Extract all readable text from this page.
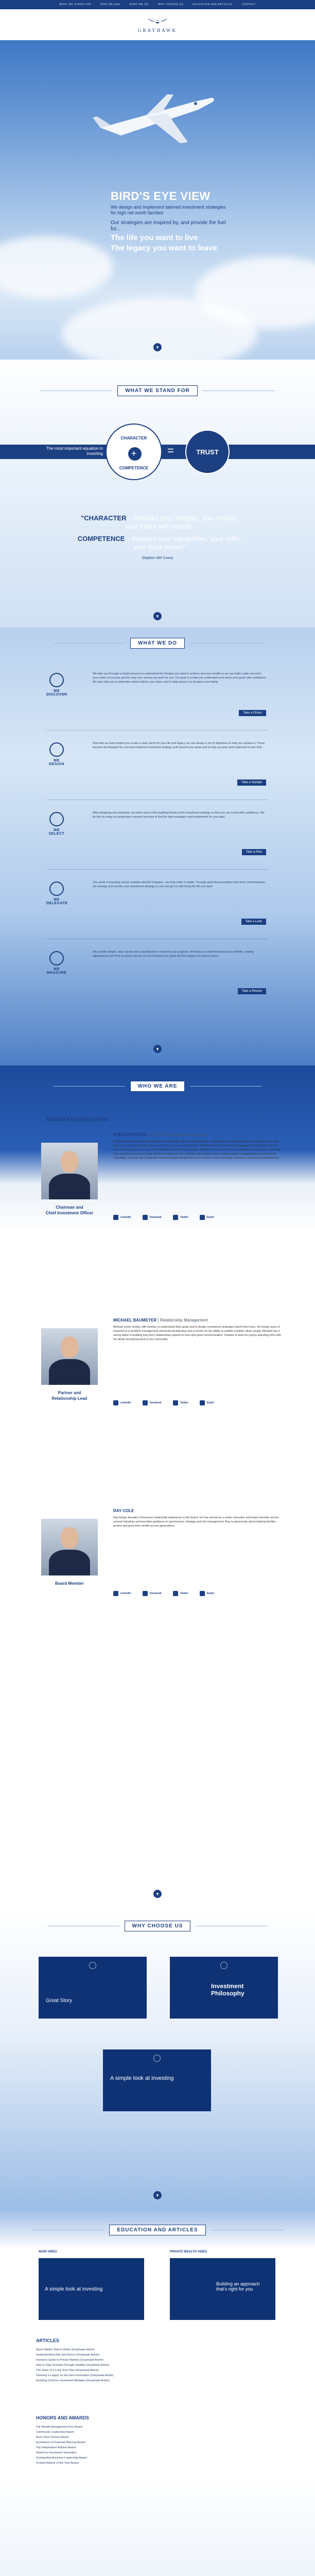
WHAT WE STAND FOR	WHO WE ARE	WHAT WE DO	WHY CHOOSE US	EDUCATION AND ARTICLES	CONTACT
GRAYHAWK
BIRD'S EYE VIEW
We design and implement tailored investment strategies for high net worth families
Our strategies are inspired by, and provide the fuel for...
The life you want to live
The legacy you want to leave
▼
WHAT WE STAND FOR
The most important equation in investing
CHARACTER
+
COMPETENCE
=	TRUST
"CHARACTER – includes your integrity, your motive, your intent with people.
COMPETENCE – includes your capabilities, your skills, your track record"
Stephen MR Covey
▼
WHAT WE DO
WE DISCOVER
We take you through a simple process to understand the lifestyle you want to achieve and your wealth so we can build a plan around it, your vision of success and the way your money can work for you. Our goal is to help you understand and reach your goals with confidence. We start with you to determine what it will be your vision and to help ensure it is all about your family.
Take a Closer
WE DESIGN
Now that we have helped you create a clear vision for your life and legacy, we can design a set of objectives to help you achieve it. These become the blueprint for your personalized investment strategy, built around your goals and to help you plan and implement it over time.
Take a Sample
WE SELECT
After designing your blueprint, we select each of the building blocks of the investment strategy so that you can invest with confidence. We do this by using our proprietary research process to find the best managers and investments for your plan.
Take a Plan
WE DELEGATE
The world of investing can be complex and full of jargon – we help make it simple. Through good documentation and clear communication, we manage and monitor your investment strategy so you can get on with living the life you want.
Take a Look
WE MEASURE
We provide simple, clear reports and a dashboard to measure your progress. We keep you informed about your portfolio, making adjustments over time to ensure we are on track toward your goals and the legacy you want to leave.
Take a Review
▼
WHO WE ARE
BOARD AND EXECUTIVE
Chairman and
Chief Investment Officer
SHELDON STEIN | CEO, CIO & Relationship Lead
Sheldon has spent the last two decades working with high net worth families, helping them create strategies to support the lives they want to live and the legacies they want to leave. He founded the firm with the belief that investment management should be built on trust, transparency and a clear understanding of each client's goals. He believes that character plus competence equals trust and that trust must be earned every day. Before founding the firm, Sheldon held senior roles in private wealth management and investment consulting. He holds the Chartered Financial Analyst designation and is active in his community, serving on several non-profit boards.
LinkedIn	Facebook	Twitter	Email
Partner and
Relationship Lead
MICHAEL BAUMEYER | Relationship Management
Michael works closely with families to understand their goals and to design investment strategies that fit their lives. He brings years of experience in portfolio management and financial planning and is known for his ability to explain complex ideas simply. Michael has a strong belief in building long term relationships based on trust and good communication. Outside of work he enjoys spending time with his family and giving back to his community.
LinkedIn	Facebook	Twitter	Email
Board Member
RAY COLE
Ray brings decades of business leadership experience to the board. He has served as a senior executive and board member across several industries and provides guidance on governance, strategy and risk management. Ray is passionate about helping families protect and grow their wealth across generations.
LinkedIn	Facebook	Twitter	Email
▼
WHY CHOOSE US
Great Story
Investment Philosophy
A simple look at investing
▼
EDUCATION AND ARTICLES
MAIN VIDEO	PRIVATE WEALTH VIDEO
A simple look at investing
Building an approach that's right for you
ARTICLES
Stuck Market: Bad or Better (Grayhawk Article)
Understanding Risk and Return (Grayhawk Article)
Investors Guide to Private Markets (Grayhawk Article)
How to Stay Invested Through Volatility (Grayhawk Article)
The Value of a Long Term Plan (Grayhawk Article)
Planning a Legacy for the Next Generation (Grayhawk Article)
Avoiding Common Investment Mistakes (Grayhawk Article)
HONORS AND AWARDS
Top Wealth Management Firm Award
Community Leadership Award
Best Client Service Award
Excellence in Financial Planning Award
Top Independent Advisor Award
Award for Investment Innovation
Outstanding Business Leadership Award
Trusted Advisor of the Year Award
